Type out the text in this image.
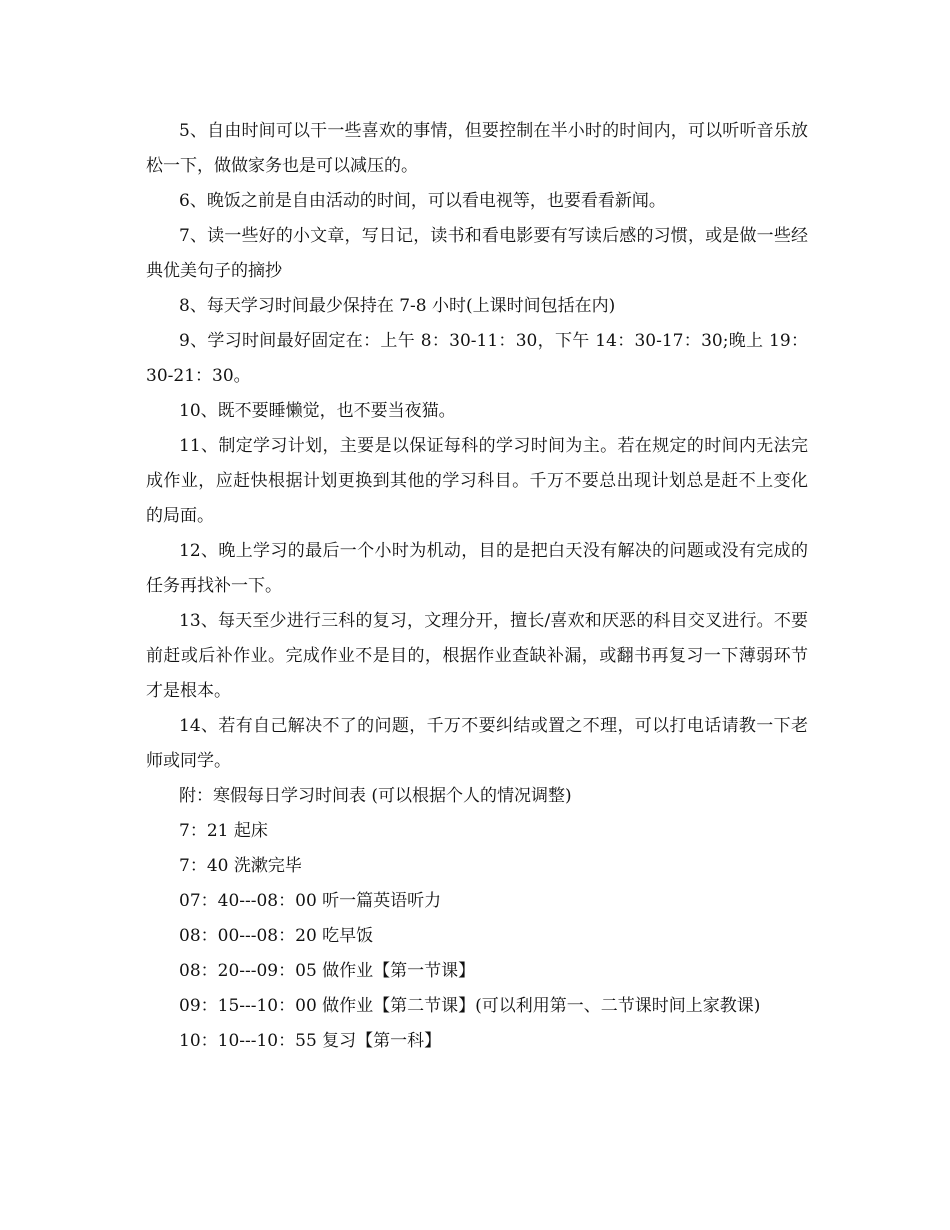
5、自由时间可以干一些喜欢的事情，但要控制在半小时的时间内，可以听听音乐放松一下，做做家务也是可以减压的。

6、晚饭之前是自由活动的时间，可以看电视等，也要看看新闻。

7、读一些好的小文章，写日记，读书和看电影要有写读后感的习惯，或是做一些经典优美句子的摘抄

8、每天学习时间最少保持在 7-8 小时(上课时间包括在内)

9、学习时间最好固定在：上午 8：30-11：30，下午 14：30-17：30;晚上 19：30-21：30。

10、既不要睡懒觉，也不要当夜猫。

11、制定学习计划，主要是以保证每科的学习时间为主。若在规定的时间内无法完成作业，应赶快根据计划更换到其他的学习科目。千万不要总出现计划总是赶不上变化的局面。

12、晚上学习的最后一个小时为机动，目的是把白天没有解决的问题或没有完成的任务再找补一下。

13、每天至少进行三科的复习，文理分开，擅长/喜欢和厌恶的科目交叉进行。不要前赶或后补作业。完成作业不是目的，根据作业查缺补漏，或翻书再复习一下薄弱环节才是根本。

14、若有自己解决不了的问题，千万不要纠结或置之不理，可以打电话请教一下老师或同学。

附：寒假每日学习时间表 (可以根据个人的情况调整)

7：21 起床

7：40 洗漱完毕

07：40---08：00 听一篇英语听力

08：00---08：20 吃早饭

08：20---09：05 做作业【第一节课】

09：15---10：00 做作业【第二节课】(可以利用第一、二节课时间上家教课)

10：10---10：55 复习【第一科】
